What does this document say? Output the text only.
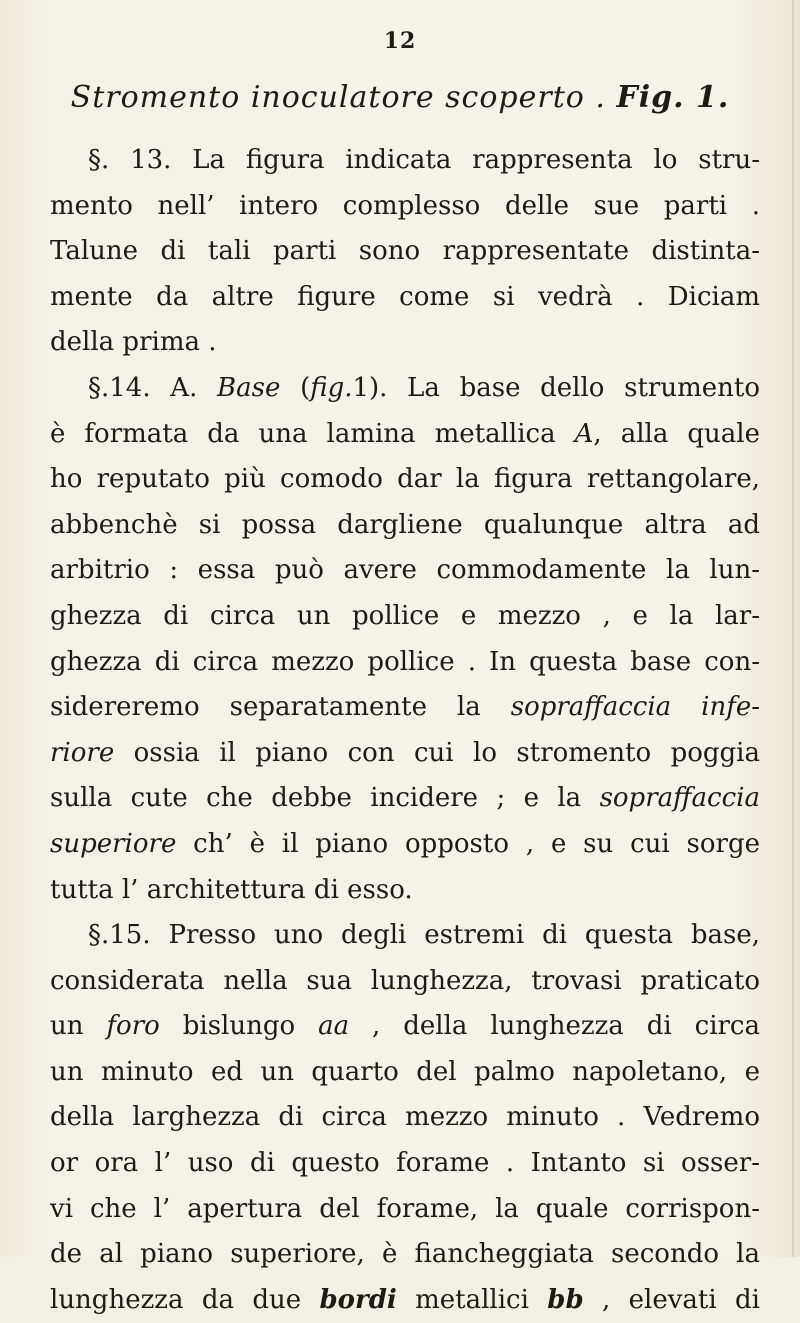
12
Stromento inoculatore scoperto . Fig. 1.
§. 13. La figura indicata rappresenta lo stru-
mento nell’ intero complesso delle sue parti .
Talune di tali parti sono rappresentate distinta-
mente da altre figure come si vedrà . Diciam
della prima .
§.14. A. Base (fig.1). La base dello strumento
è formata da una lamina metallica A, alla quale
ho reputato più comodo dar la figura rettangolare,
abbenchè si possa dargliene qualunque altra ad
arbitrio : essa può avere commodamente la lun-
ghezza di circa un pollice e mezzo , e la lar-
ghezza di circa mezzo pollice . In questa base con-
sidereremo separatamente la sopraffaccia infe-
riore ossia il piano con cui lo stromento poggia
sulla cute che debbe incidere ; e la sopraffaccia
superiore ch’ è il piano opposto , e su cui sorge
tutta l’ architettura di esso.
§.15. Presso uno degli estremi di questa base,
considerata nella sua lunghezza, trovasi praticato
un foro bislungo aa , della lunghezza di circa
un minuto ed un quarto del palmo napoletano, e
della larghezza di circa mezzo minuto . Vedremo
or ora l’ uso di questo forame . Intanto si osser-
vi che l’ apertura del forame, la quale corrispon-
de al piano superiore, è fiancheggiata secondo la
lunghezza da due bordi metallici bb , elevati di
